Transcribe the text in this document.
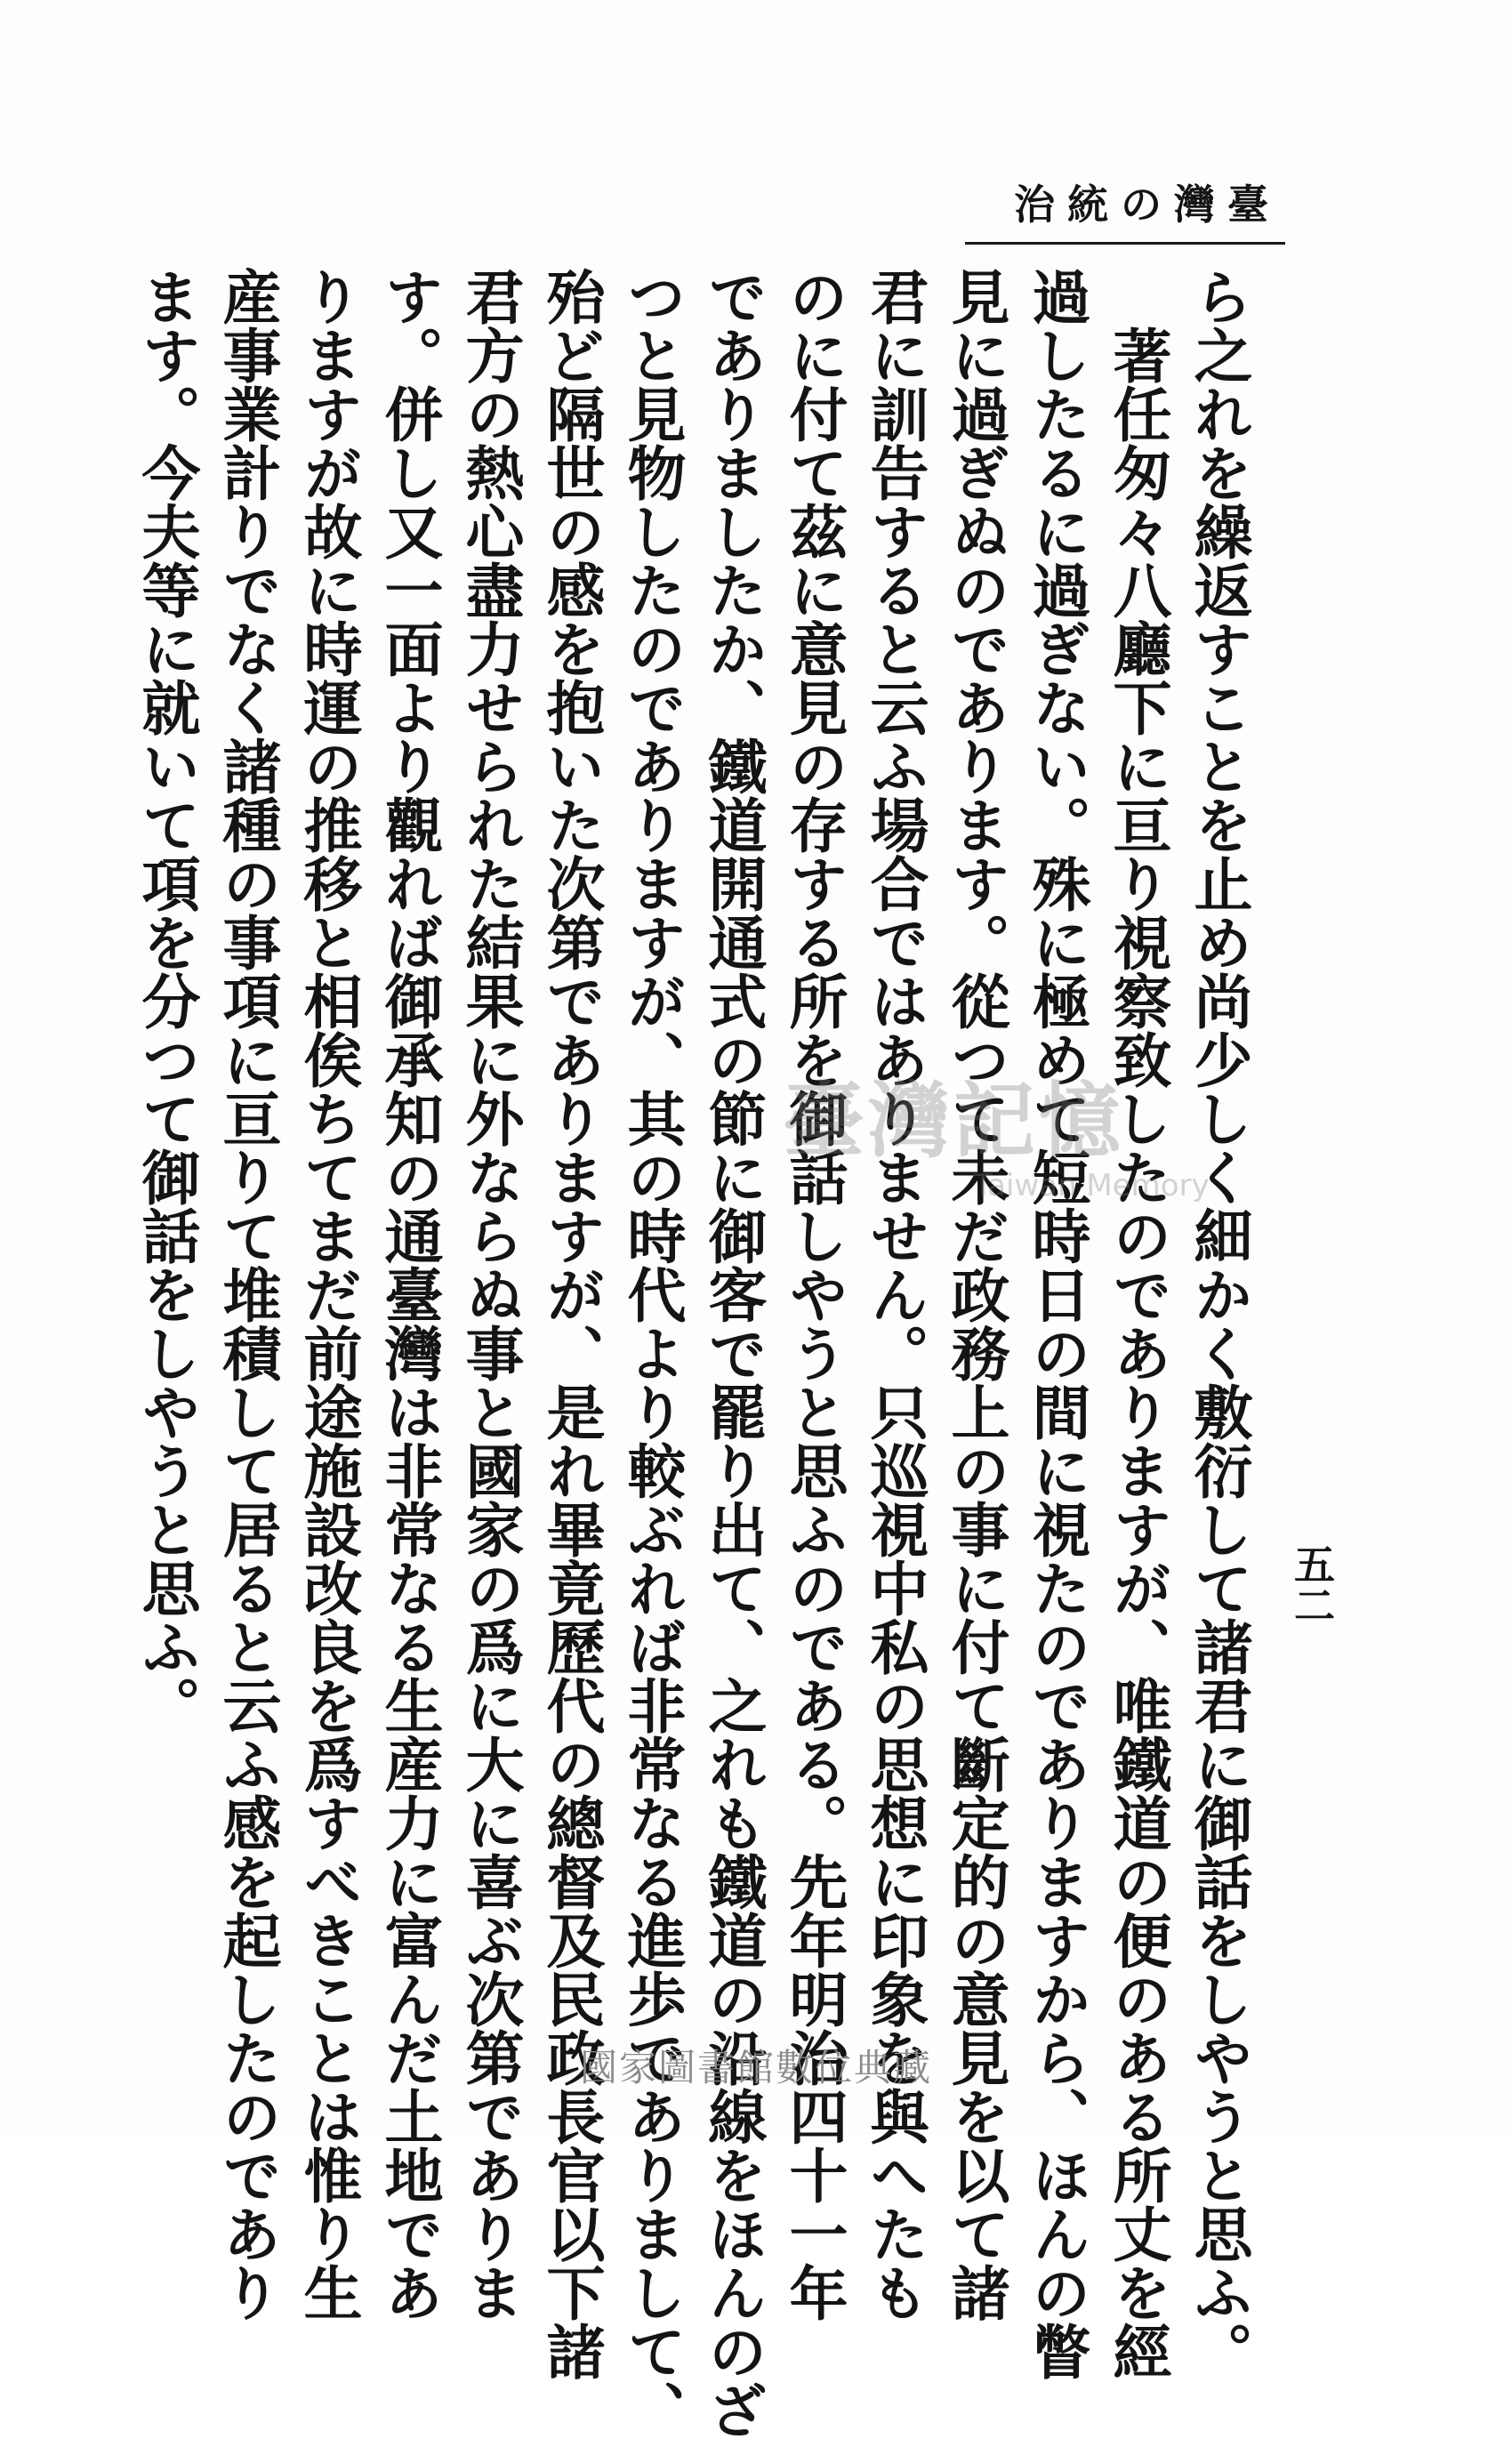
臺灣の統治
五二
ら之れを繰返すことを止め尚少しく細かく敷衍して諸君に御話をしやうと思ふ。
　著任匆々八廳下に亘り視察致したのでありますが、唯鐵道の便のある所丈を經
過したるに過ぎない。殊に極めて短時日の間に視たのでありますから、ほんの瞥
見に過ぎぬのであります。從つて未だ政務上の事に付て斷定的の意見を以て諸
君に訓告すると云ふ場合ではありません。只巡視中私の思想に印象を與へたも
のに付て茲に意見の存する所を御話しやうと思ふのである。先年明治四十一年
でありましたか、鐵道開通式の節に御客で罷り出て、之れも鐵道の沿線をほんのざ
つと見物したのでありますが、其の時代より較ぶれば非常なる進歩でありまして、
殆ど隔世の感を抱いた次第でありますが、是れ畢竟歷代の總督及民政長官以下諸
君方の熱心盡力せられた結果に外ならぬ事と國家の爲に大に喜ぶ次第でありま
す。併し又一面より觀れば御承知の通臺灣は非常なる生産力に富んだ土地であ
りますが故に時運の推移と相俟ちてまだ前途施設改良を爲すべきことは惟り生
産事業計りでなく諸種の事項に亘りて堆積して居ると云ふ感を起したのであり
ます。今夫等に就いて項を分つて御話をしやうと思ふ。	臺灣記憶
Taiwan Memory
國家圖書館數位典藏
